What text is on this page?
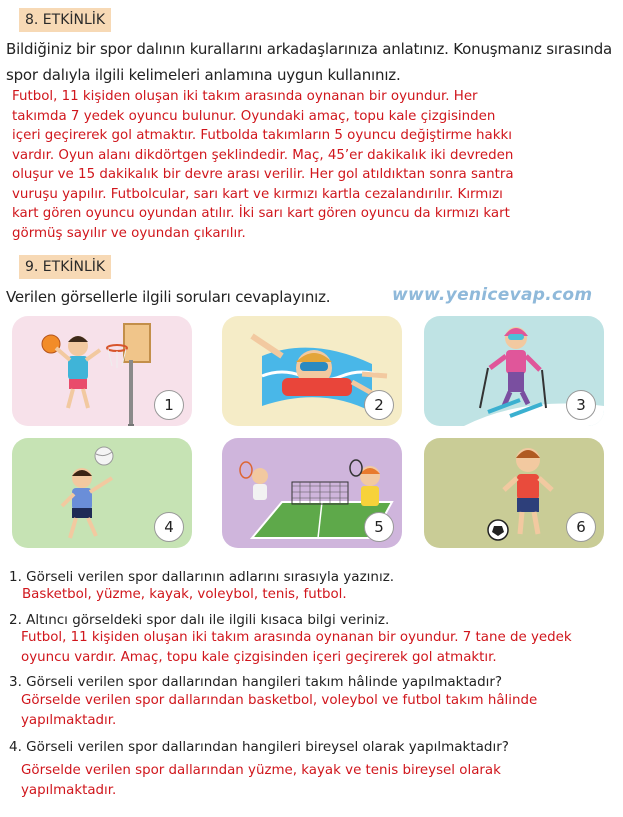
8. ETKİNLİK
Bildiğiniz bir spor dalının kurallarını arkadaşlarınıza anlatınız. Konuşmanız sırasında spor dalıyla ilgili kelimeleri anlamına uygun kullanınız.
Futbol, 11 kişiden oluşan iki takım arasında oynanan bir oyundur. Her
takımda 7 yedek oyuncu bulunur. Oyundaki amaç, topu kale çizgisinden
içeri geçirerek gol atmaktır. Futbolda takımların 5 oyuncu değiştirme hakkı
vardır. Oyun alanı dikdörtgen şeklindedir. Maç, 45’er dakikalık iki devreden
oluşur ve 15 dakikalık bir devre arası verilir. Her gol atıldıktan sonra santra
vuruşu yapılır. Futbolcular, sarı kart ve kırmızı kartla cezalandırılır. Kırmızı
kart gören oyuncu oyundan atılır. İki sarı kart gören oyuncu da kırmızı kart
görmüş sayılır ve oyundan çıkarılır.
9. ETKİNLİK
Verilen görsellerle ilgili soruları cevaplayınız.	www.yenicevap.com
1	2	3
4	5	6
1. Görseli verilen spor dallarının adlarını sırasıyla yazınız.
Basketbol, yüzme, kayak, voleybol, tenis, futbol.
2. Altıncı görseldeki spor dalı ile ilgili kısaca bilgi veriniz.
Futbol, 11 kişiden oluşan iki takım arasında oynanan bir oyundur. 7 tane de yedek
oyuncu vardır. Amaç, topu kale çizgisinden içeri geçirerek gol atmaktır.
3. Görseli verilen spor dallarından hangileri takım hâlinde yapılmaktadır?
Görselde verilen spor dallarından basketbol, voleybol ve futbol takım hâlinde
yapılmaktadır.
4. Görseli verilen spor dallarından hangileri bireysel olarak yapılmaktadır?
Görselde verilen spor dallarından yüzme, kayak ve tenis bireysel olarak
yapılmaktadır.
